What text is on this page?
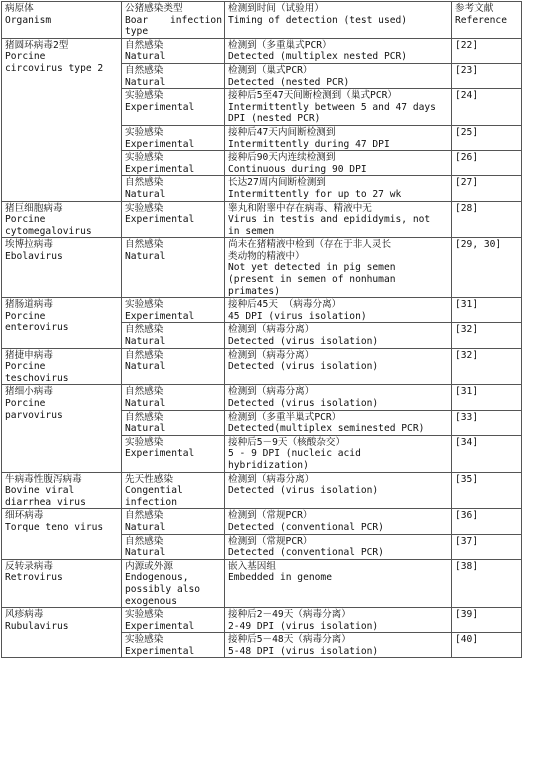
病原体
Organism	公猪感染类型
Boar infection type	检测到时间（试验用）
Timing of detection (test used)	参考文献
Reference

猪圆环病毒2型
Porcine
circovirus type 2	自然感染
Natural	检测到（多重巢式PCR）
Detected (multiplex nested PCR)	[22]

	自然感染
Natural	检测到（巢式PCR）
Detected (nested PCR)	[23]

	实验感染
Experimental	接种后5至47天间断检测到（巢式PCR）
Intermittently between 5 and 47 days
DPI (nested PCR)	[24]

	实验感染
Experimental	接种后47天内间断检测到
Intermittently during 47 DPI	[25]

	实验感染
Experimental	接种后90天内连续检测到
Continuous during 90 DPI	[26]

	自然感染
Natural	长达27周内间断检测到
Intermittently for up to 27 wk	[27]

猪巨细胞病毒
Porcine
cytomegalovirus	实验感染
Experimental	睾丸和附睾中存在病毒、精液中无
Virus in testis and epididymis, not
in semen	[28]

埃博拉病毒
Ebolavirus	自然感染
Natural	尚未在猪精液中检到（存在于非人灵长
类动物的精液中）
Not yet detected in pig semen
(present in semen of nonhuman
primates)	[29, 30]

猪肠道病毒
Porcine
enterovirus	实验感染
Experimental	接种后45天 （病毒分离）
45 DPI (virus isolation)	[31]

	自然感染
Natural	检测到（病毒分离）
Detected (virus isolation)	[32]

猪捷申病毒
Porcine
teschovirus	自然感染
Natural	检测到（病毒分离）
Detected (virus isolation)	[32]

猪细小病毒
Porcine
parvovirus	自然感染
Natural	检测到（病毒分离）
Detected (virus isolation)	[31]

	自然感染
Natural	检测到（多重半巢式PCR）
Detected(multiplex seminested PCR)	[33]

	实验感染
Experimental	接种后5－9天（核酸杂交）
5 - 9 DPI (nucleic acid
hybridization)	[34]

牛病毒性腹泻病毒
Bovine viral
diarrhea virus	先天性感染
Congential
infection	检测到（病毒分离）
Detected (virus isolation)	[35]

细环病毒
Torque teno virus	自然感染
Natural	检测到（常规PCR）
Detected (conventional PCR)	[36]

	自然感染
Natural	检测到（常规PCR）
Detected (conventional PCR)	[37]

反转录病毒
Retrovirus	内源或外源
Endogenous,
possibly also
exogenous	嵌入基因组
Embedded in genome	[38]

风疹病毒
Rubulavirus	实验感染
Experimental	接种后2－49天（病毒分离）
2-49 DPI (virus isolation)	[39]

	实验感染
Experimental	接种后5－48天（病毒分离）
5-48 DPI (virus isolation)	[40]
